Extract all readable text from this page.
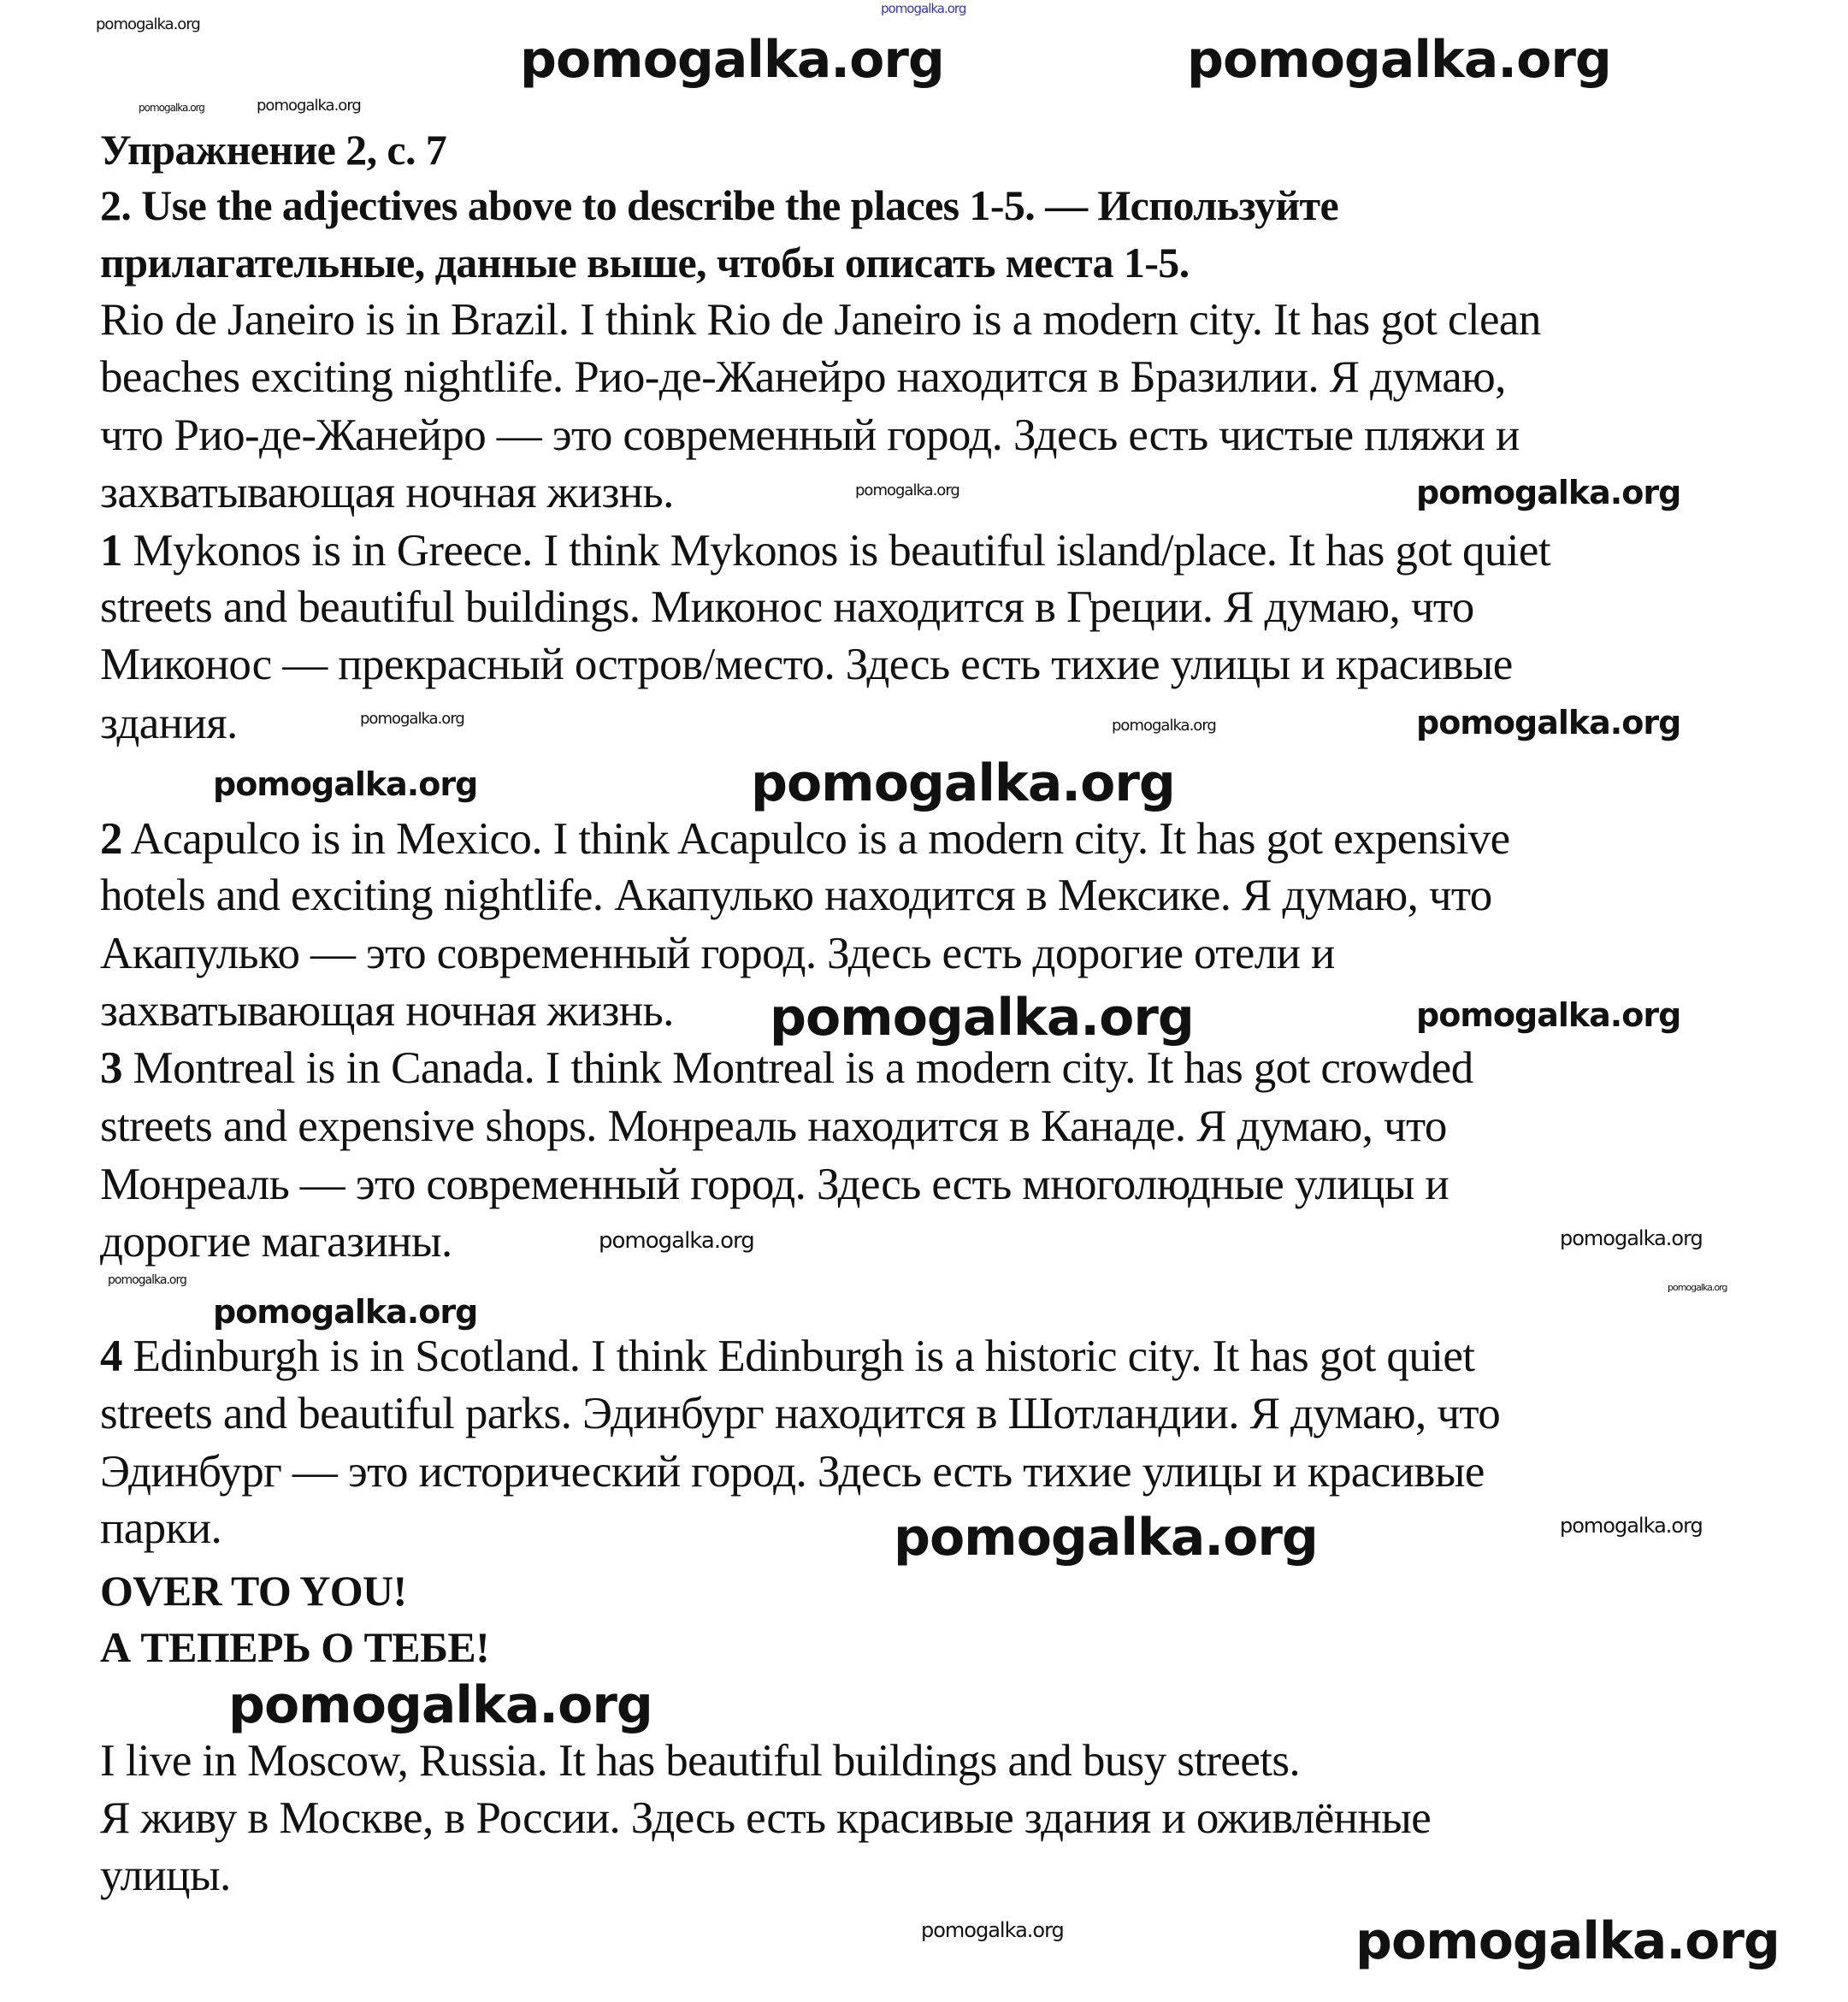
Упражнение 2, с. 7
2. Use the adjectives above to describe the places 1-5. — Используйте
прилагательные, данные выше, чтобы описать места 1-5.
Rio de Janeiro is in Brazil. I think Rio de Janeiro is a modern city. It has got clean
beaches exciting nightlife. Рио-де-Жанейро находится в Бразилии. Я думаю,
что Рио-де-Жанейро — это современный город. Здесь есть чистые пляжи и
захватывающая ночная жизнь.
1 Mykonos is in Greece. I think Mykonos is beautiful island/place. It has got quiet
streets and beautiful buildings. Миконос находится в Греции. Я думаю, что
Миконос — прекрасный остров/место. Здесь есть тихие улицы и красивые
здания.
2 Acapulco is in Mexico. I think Acapulco is a modern city. It has got expensive
hotels and exciting nightlife. Акапулько находится в Мексике. Я думаю, что
Акапулько — это современный город. Здесь есть дорогие отели и
захватывающая ночная жизнь.
3 Montreal is in Canada. I think Montreal is a modern city. It has got crowded
streets and expensive shops. Монреаль находится в Канаде. Я думаю, что
Монреаль — это современный город. Здесь есть многолюдные улицы и
дорогие магазины.
4 Edinburgh is in Scotland. I think Edinburgh is a historic city. It has got quiet
streets and beautiful parks. Эдинбург находится в Шотландии. Я думаю, что
Эдинбург — это исторический город. Здесь есть тихие улицы и красивые
парки.
OVER TO YOU!
А ТЕПЕРЬ О ТЕБЕ!
I live in Moscow, Russia. It has beautiful buildings and busy streets.
Я живу в Москве, в России. Здесь есть красивые здания и оживлённые
улицы.
pomogalka.org
pomogalka.org
pomogalka.org	pomogalka.org
pomogalka.org	pomogalka.org
pomogalka.org	pomogalka.org
pomogalka.org
pomogalka.org	pomogalka.org
pomogalka.org	pomogalka.org
pomogalka.org	pomogalka.org
pomogalka.org	pomogalka.org
pomogalka.org
pomogalka.org
pomogalka.org
pomogalka.org	pomogalka.org
pomogalka.org
pomogalka.org	pomogalka.org
